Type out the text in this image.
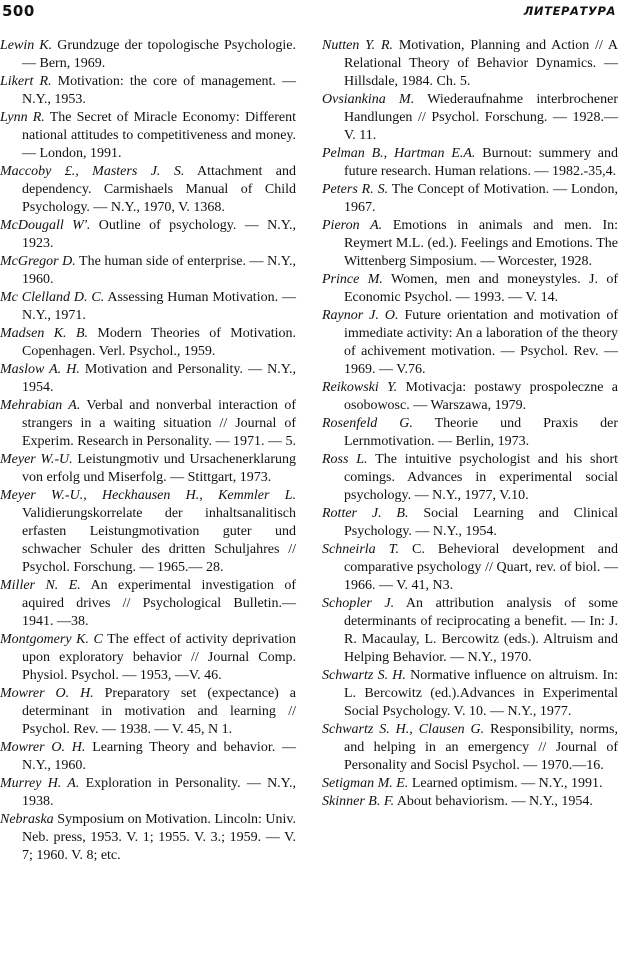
500	ЛИТЕРАТУРА

Lewin K. Grundzuge der topologische Psychologie. — Bern, 1969.

Likert R. Motivation: the core of management. — N.Y., 1953.

Lynn R. The Secret of Miracle Economy: Different national attitudes to competitiveness and money. — London, 1991.

Maccoby £., Masters J. S. Attachment and dependency. Carmishaels Manual of Child Psychology. — N.Y., 1970, V. 1368.

McDougall W'. Outline of psychology. — N.Y., 1923.

McGregor D. The human side of enterprise. — N.Y., 1960.

Mc Clelland D. C. Assessing Human Motivation. — N.Y., 1971.

Madsen K. B. Modern Theories of Motivation. Copenhagen. Verl. Psychol., 1959.

Maslow A. H. Motivation and Personality. — N.Y., 1954.

Mehrabian A. Verbal and nonverbal interaction of strangers in a waiting situation // Journal of Experim. Research in Personality. — 1971. — 5.

Meyer W.-U. Leistungmotiv und Ursachenerklarung von erfolg und Miserfolg. — Stittgart, 1973.

Meyer W.-U., Heckhausen H., Kemmler L. Validierungskorrelate der inhaltsanalitisch erfasten Leistungmotivation guter und schwacher Schuler des dritten Schuljahres // Psychol. Forschung. — 1965.— 28.

Miller N. E. An experimental investigation of aquired drives // Psychological Bulletin.— 1941. —38.

Montgomery K. C The effect of activity deprivation upon exploratory behavior // Journal Comp. Physiol. Psychol. — 1953, —V. 46.

Mowrer O. H. Preparatory set (expectance) a determinant in motivation and learning // Psychol. Rev. — 1938. — V. 45, N 1.

Mowrer O. H. Learning Theory and behavior. — N.Y., 1960.

Murrey H. A. Exploration in Personality. — N.Y., 1938.

Nebraska Symposium on Motivation. Lincoln: Univ. Neb. press, 1953. V. 1; 1955. V. 3.; 1959. — V. 7; 1960. V. 8; etc.

Nutten Y. R. Motivation, Planning and Action // A Relational Theory of Behavior Dynamics. — Hillsdale, 1984. Ch. 5.

Ovsiankina M. Wiederaufnahme interbrochener Handlungen // Psychol. Forschung. — 1928.—V. 11.

Pelman B., Hartman E.A. Burnout: summery and future research. Human relations. — 1982.-35,4.

Peters R. S. The Concept of Motivation. — London, 1967.

Pieron A. Emotions in animals and men. In: Reymert M.L. (ed.). Feelings and Emotions. The Wittenberg Simposium. — Worcester, 1928.

Prince M. Women, men and moneystyles. J. of Economic Psychol. — 1993. — V. 14.

Raynor J. O. Future orientation and motivation of immediate activity: An a laboration of the theory of achivement motivation. — Psychol. Rev. — 1969. — V.76.

Reikowski Y. Motivacja: postawy prospoleczne a osobowosc. — Warszawa, 1979.

Rosenfeld G. Theorie und Praxis der Lernmotivation. — Berlin, 1973.

Ross L. The intuitive psychologist and his short comings. Advances in experimental social psychology. — N.Y., 1977, V.10.

Rotter J. B. Social Learning and Clinical Psychology. — N.Y., 1954.

Schneirla T. C. Behevioral development and comparative psychology // Quart, rev. of biol. — 1966. — V. 41, N3.

Schopler J. An attribution analysis of some determinants of reciprocating a benefit. — In: J. R. Macaulay, L. Bercowitz (eds.). Altruism and Helping Behavior. — N.Y., 1970.

Schwartz S. H. Normative influence on altruism. In: L. Bercowitz (ed.).Advances in Experimental Social Psychology. V. 10. — N.Y., 1977.

Schwartz S. H., Clausen G. Responsibility, norms, and helping in an emergency // Journal of Personality and Socisl Psychol. — 1970.—16.

Setigman M. E. Learned optimism. — N.Y., 1991.

Skinner B. F. About behaviorism. — N.Y., 1954.
